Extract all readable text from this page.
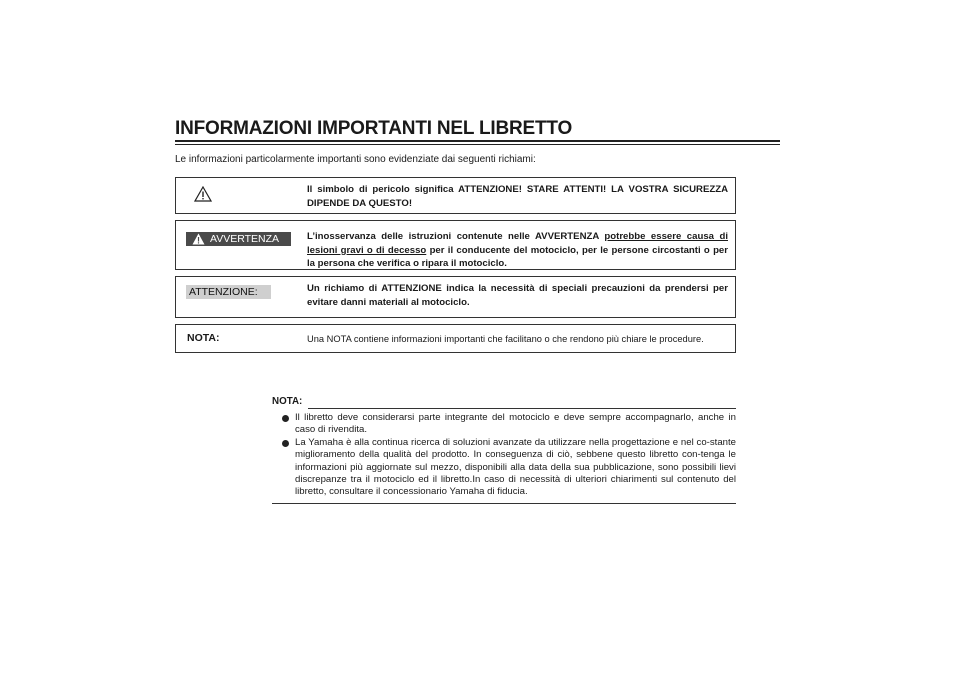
INFORMAZIONI IMPORTANTI NEL LIBRETTO
Le informazioni particolarmente importanti sono evidenziate dai seguenti richiami:
Il simbolo di pericolo significa ATTENZIONE! STARE ATTENTI! LA VOSTRA SICUREZZA DIPENDE DA QUESTO!
AVVERTENZA	L’inosservanza delle istruzioni contenute nelle AVVERTENZA potrebbe essere causa di lesioni gravi o di decesso per il conducente del motociclo, per le persone circostanti o per la persona che verifica o ripara il motociclo.
ATTENZIONE:	Un richiamo di ATTENZIONE indica la necessità di speciali precauzioni da prendersi per evitare danni materiali al motociclo.
NOTA:	Una NOTA contiene informazioni importanti che facilitano o che rendono più chiare le procedure.
NOTA:
Il libretto deve considerarsi parte integrante del motociclo e deve sempre accompagnarlo, anche in caso di rivendita.
La Yamaha è alla continua ricerca di soluzioni avanzate da utilizzare nella progettazione e nel co-stante miglioramento della qualità del prodotto. In conseguenza di ciò, sebbene questo libretto con-tenga le informazioni più aggiornate sul mezzo, disponibili alla data della sua pubblicazione, sono possibili lievi discrepanze tra il motociclo ed il libretto.In caso di necessità di ulteriori chiarimenti sul contenuto del libretto, consultare il concessionario Yamaha di fiducia.
